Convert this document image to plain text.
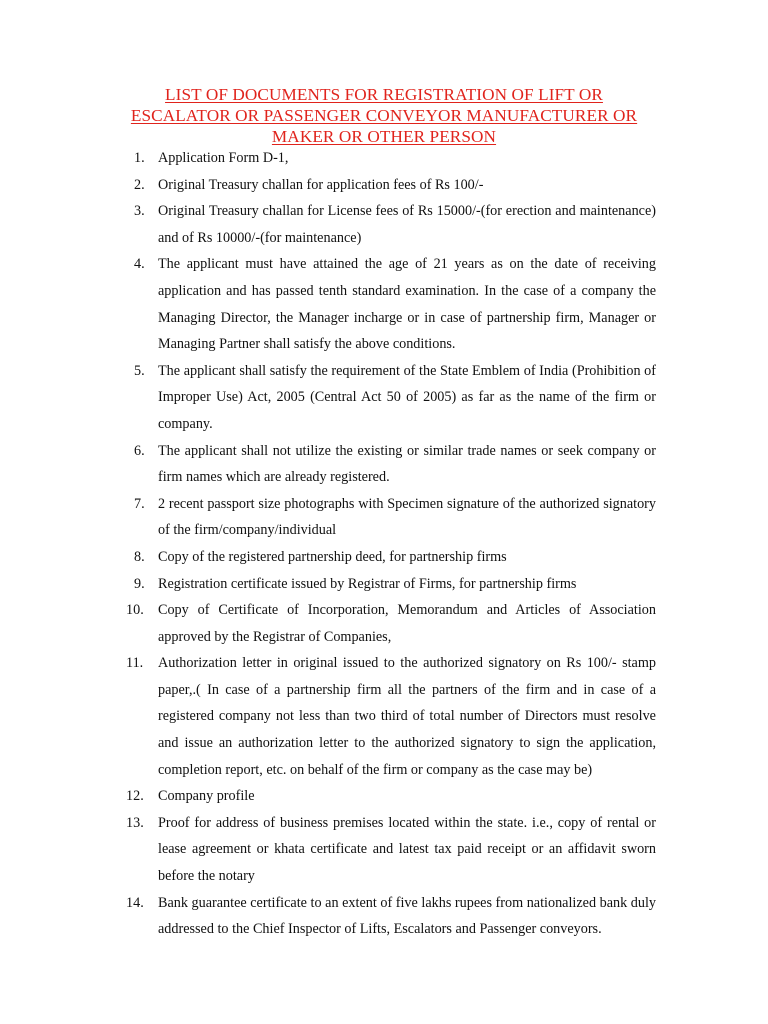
LIST OF DOCUMENTS FOR REGISTRATION OF LIFT OR
ESCALATOR OR PASSENGER CONVEYOR MANUFACTURER OR
MAKER OR OTHER PERSON
1. Application Form D-1,
2. Original Treasury challan for application fees of Rs 100/-
3. Original Treasury challan for License fees of Rs 15000/-(for erection and maintenance) and of Rs 10000/-(for maintenance)
4. The applicant must have attained the age of 21 years as on the date of receiving application and has passed tenth standard examination. In the case of a company the Managing Director, the Manager incharge or in case of partnership firm, Manager or Managing Partner shall satisfy the above conditions.
5. The applicant shall satisfy the requirement of the State Emblem of India (Prohibition of Improper Use) Act, 2005 (Central Act 50 of 2005) as far as the name of the firm or company.
6. The applicant shall not utilize the existing or similar trade names or seek company or firm names which are already registered.
7. 2 recent passport size photographs with Specimen signature of the authorized signatory of the firm/company/individual
8. Copy of the registered partnership deed, for partnership firms
9. Registration certificate issued by Registrar of Firms, for partnership firms
10.	Copy of Certificate of Incorporation, Memorandum and Articles of Association approved by the Registrar of Companies,
11.	Authorization letter in original issued to the authorized signatory on Rs 100/- stamp paper,.( In case of a partnership firm all the partners of the firm and in case of a registered company not less than two third of total number of Directors must resolve and issue an authorization letter to the authorized signatory to sign the application, completion report, etc. on behalf of the firm or company as the case may be)
12.	Company profile
13.	Proof for address of business premises located within the state. i.e., copy of rental or lease agreement or khata certificate and latest tax paid receipt or an affidavit sworn before the notary
14.	Bank guarantee certificate to an extent of five lakhs rupees from nationalized bank duly addressed to the Chief Inspector of Lifts, Escalators and Passenger conveyors.
